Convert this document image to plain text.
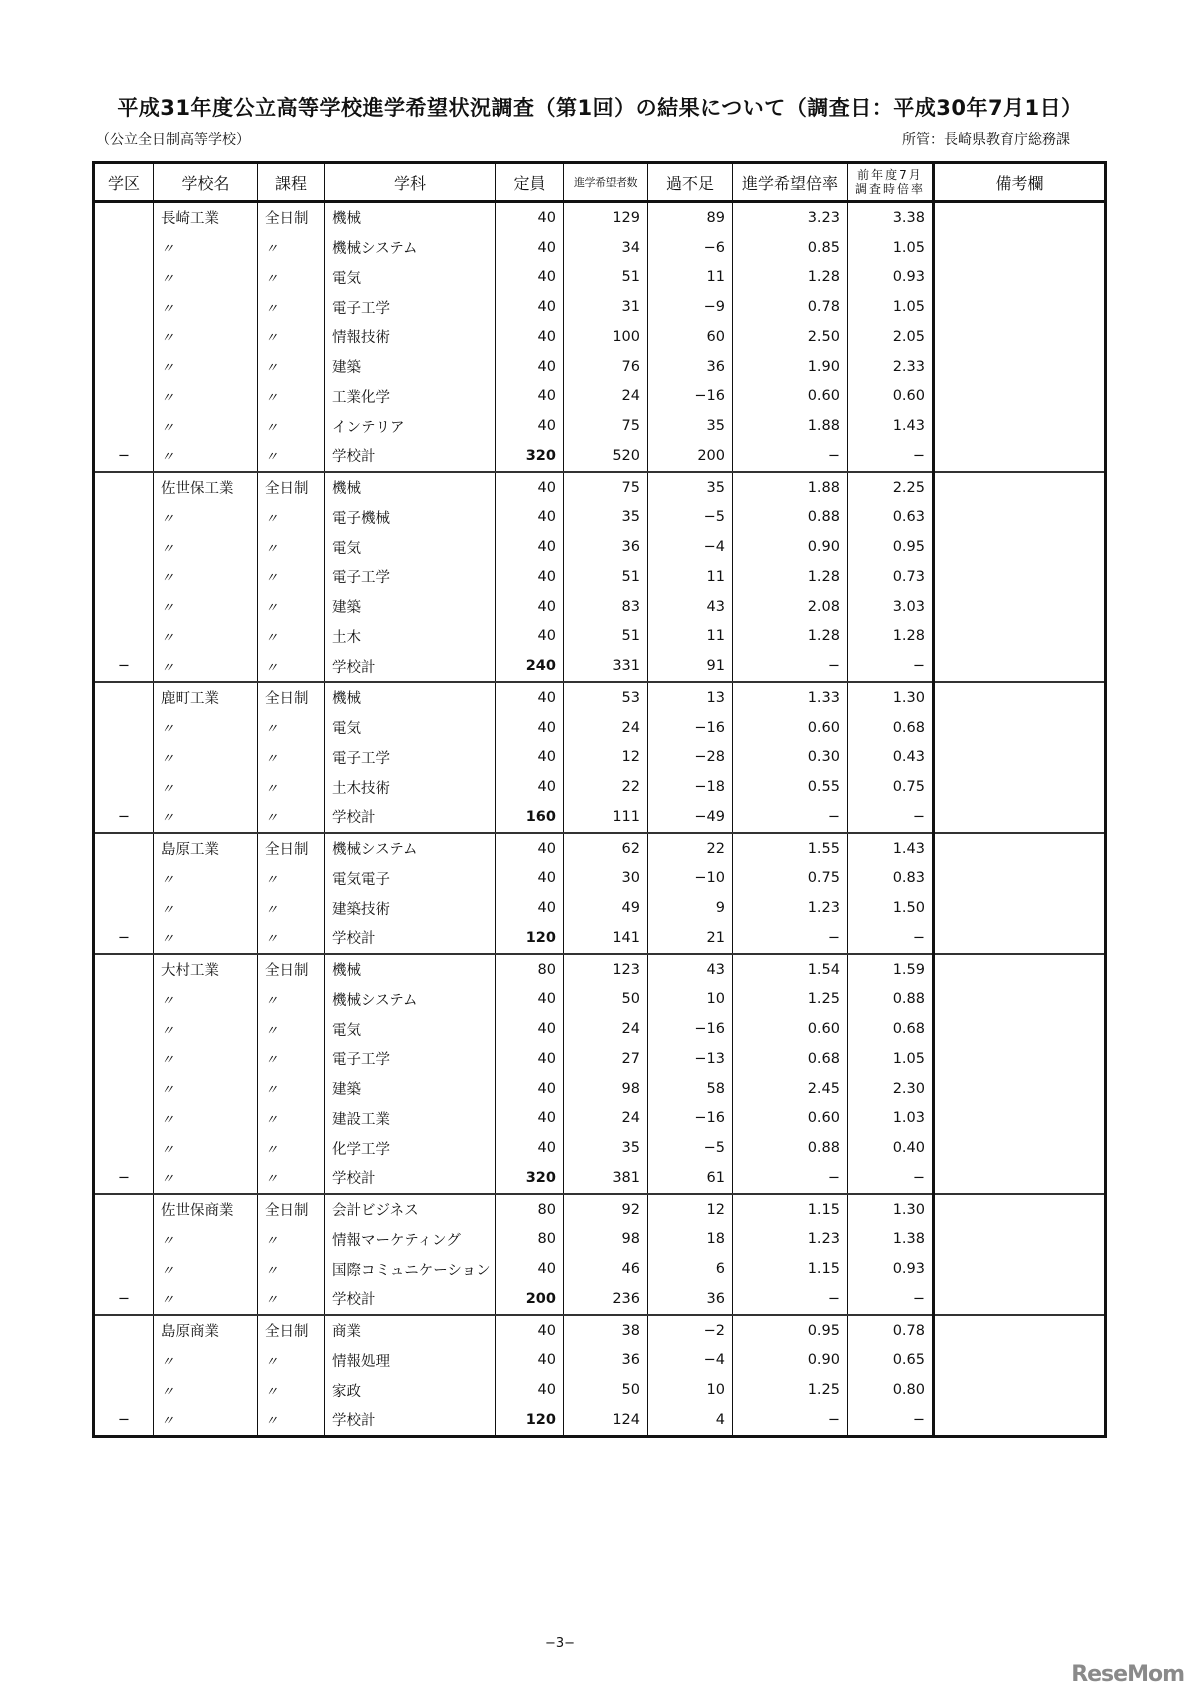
平成31年度公立高等学校進学希望状況調査（第1回）の結果について（調査日：平成30年7月1日）
（公立全日制高等学校）	所管：長崎県教育庁総務課
学区	学校名	課程	学科	定員	進学希望者数	過不足	進学希望倍率	前年度7月
調査時倍率	備考欄
	長崎工業	全日制	機械	40	129	89	3.23	3.38	
	〃	〃	機械システム	40	34	−6	0.85	1.05	
	〃	〃	電気	40	51	11	1.28	0.93	
	〃	〃	電子工学	40	31	−9	0.78	1.05	
	〃	〃	情報技術	40	100	60	2.50	2.05	
	〃	〃	建築	40	76	36	1.90	2.33	
	〃	〃	工業化学	40	24	−16	0.60	0.60	
	〃	〃	インテリア	40	75	35	1.88	1.43	
−	〃	〃	学校計	320	520	200	−	−	
	佐世保工業	全日制	機械	40	75	35	1.88	2.25	
	〃	〃	電子機械	40	35	−5	0.88	0.63	
	〃	〃	電気	40	36	−4	0.90	0.95	
	〃	〃	電子工学	40	51	11	1.28	0.73	
	〃	〃	建築	40	83	43	2.08	3.03	
	〃	〃	土木	40	51	11	1.28	1.28	
−	〃	〃	学校計	240	331	91	−	−	
	鹿町工業	全日制	機械	40	53	13	1.33	1.30	
	〃	〃	電気	40	24	−16	0.60	0.68	
	〃	〃	電子工学	40	12	−28	0.30	0.43	
	〃	〃	土木技術	40	22	−18	0.55	0.75	
−	〃	〃	学校計	160	111	−49	−	−	
	島原工業	全日制	機械システム	40	62	22	1.55	1.43	
	〃	〃	電気電子	40	30	−10	0.75	0.83	
	〃	〃	建築技術	40	49	9	1.23	1.50	
−	〃	〃	学校計	120	141	21	−	−	
	大村工業	全日制	機械	80	123	43	1.54	1.59	
	〃	〃	機械システム	40	50	10	1.25	0.88	
	〃	〃	電気	40	24	−16	0.60	0.68	
	〃	〃	電子工学	40	27	−13	0.68	1.05	
	〃	〃	建築	40	98	58	2.45	2.30	
	〃	〃	建設工業	40	24	−16	0.60	1.03	
	〃	〃	化学工学	40	35	−5	0.88	0.40	
−	〃	〃	学校計	320	381	61	−	−	
	佐世保商業	全日制	会計ビジネス	80	92	12	1.15	1.30	
	〃	〃	情報マーケティング	80	98	18	1.23	1.38	
	〃	〃	国際コミュニケーション	40	46	6	1.15	0.93	
−	〃	〃	学校計	200	236	36	−	−	
	島原商業	全日制	商業	40	38	−2	0.95	0.78	
	〃	〃	情報処理	40	36	−4	0.90	0.65	
	〃	〃	家政	40	50	10	1.25	0.80	
−	〃	〃	学校計	120	124	4	−	−	
−3−
ReseMom
